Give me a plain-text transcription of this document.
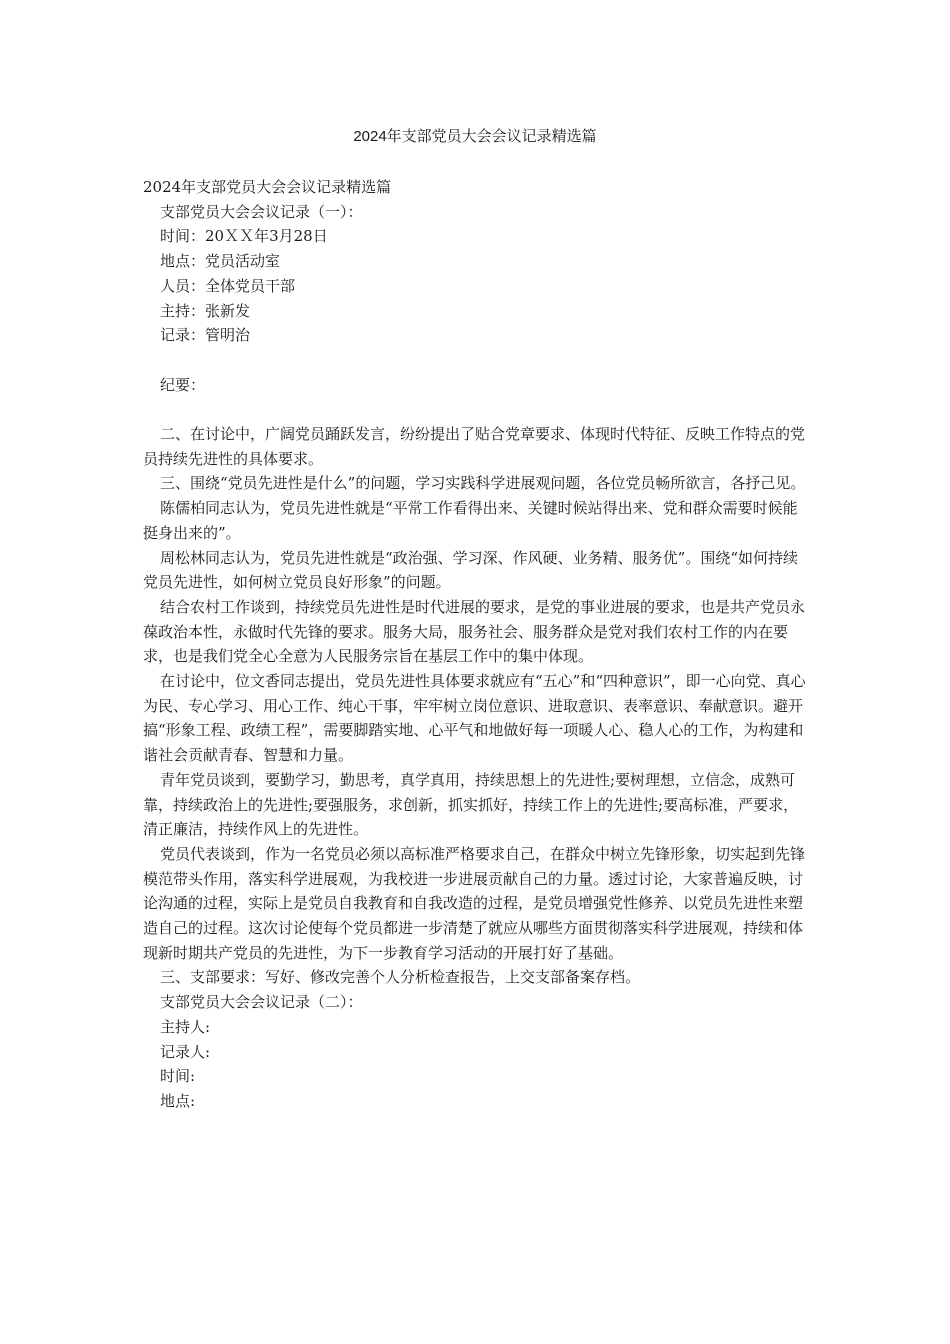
2024年支部党员大会会议记录精选篇

2024年支部党员大会会议记录精选篇

支部党员大会会议记录（一）：

时间：20ＸＸ年3月28日

地点：党员活动室

人员：全体党员干部

主持：张新发

记录：管明治

纪要：

二、在讨论中，广阔党员踊跃发言，纷纷提出了贴合党章要求、体现时代特征、反映工作特点的党员持续先进性的具体要求。

三、围绕“党员先进性是什么”的问题，学习实践科学进展观问题，各位党员畅所欲言，各抒己见。

陈儒柏同志认为，党员先进性就是“平常工作看得出来、关键时候站得出来、党和群众需要时候能挺身出来的”。

周松林同志认为，党员先进性就是“政治强、学习深、作风硬、业务精、服务优”。围绕“如何持续党员先进性，如何树立党员良好形象”的问题。

结合农村工作谈到，持续党员先进性是时代进展的要求，是党的事业进展的要求，也是共产党员永葆政治本性，永做时代先锋的要求。服务大局，服务社会、服务群众是党对我们农村工作的内在要求，也是我们党全心全意为人民服务宗旨在基层工作中的集中体现。

在讨论中，位文香同志提出，党员先进性具体要求就应有“五心”和“四种意识”，即一心向党、真心为民、专心学习、用心工作、纯心干事，牢牢树立岗位意识、进取意识、表率意识、奉献意识。避开搞“形象工程、政绩工程”，需要脚踏实地、心平气和地做好每一项暖人心、稳人心的工作，为构建和谐社会贡献青春、智慧和力量。

青年党员谈到，要勤学习，勤思考，真学真用，持续思想上的先进性;要树理想，立信念，成熟可靠，持续政治上的先进性;要强服务，求创新，抓实抓好，持续工作上的先进性;要高标准，严要求，清正廉洁，持续作风上的先进性。

党员代表谈到，作为一名党员必须以高标准严格要求自己，在群众中树立先锋形象，切实起到先锋模范带头作用，落实科学进展观，为我校进一步进展贡献自己的力量。透过讨论，大家普遍反映，讨论沟通的过程，实际上是党员自我教育和自我改造的过程，是党员增强党性修养、以党员先进性来塑造自己的过程。这次讨论使每个党员都进一步清楚了就应从哪些方面贯彻落实科学进展观，持续和体现新时期共产党员的先进性，为下一步教育学习活动的开展打好了基础。

三、支部要求：写好、修改完善个人分析检查报告，上交支部备案存档。

支部党员大会会议记录（二）：

主持人:

记录人:

时间:

地点:
